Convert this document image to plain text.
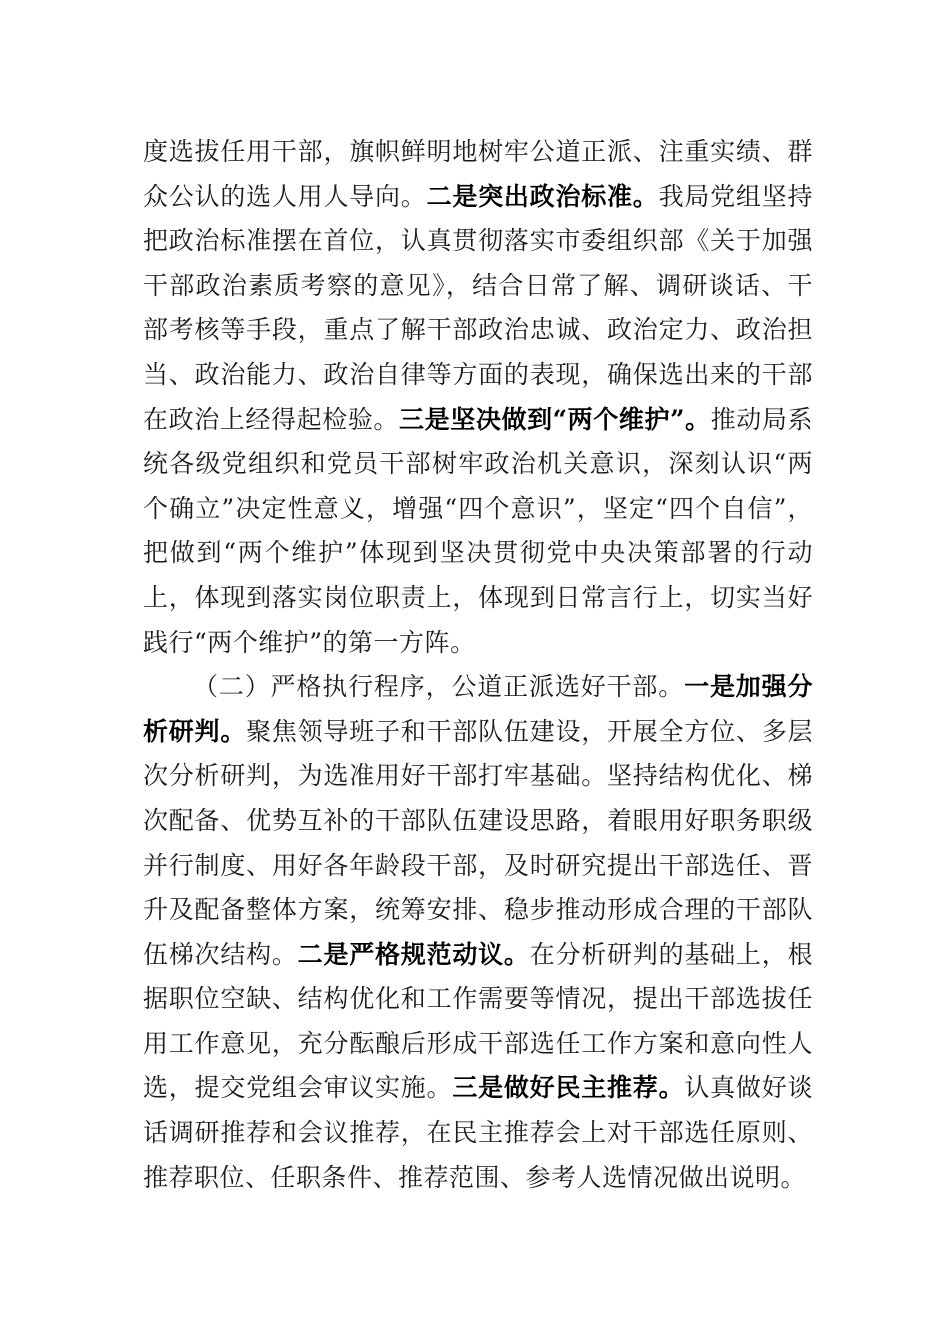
度选拔任用干部，旗帜鲜明地树牢公道正派、注重实绩、群众公认的选人用人导向。二是突出政治标准。我局党组坚持把政治标准摆在首位，认真贯彻落实市委组织部《关于加强干部政治素质考察的意见》，结合日常了解、调研谈话、干部考核等手段，重点了解干部政治忠诚、政治定力、政治担当、政治能力、政治自律等方面的表现，确保选出来的干部在政治上经得起检验。三是坚决做到“两个维护”。推动局系统各级党组织和党员干部树牢政治机关意识，深刻认识“两个确立”决定性意义，增强“四个意识”，坚定“四个自信”，把做到“两个维护”体现到坚决贯彻党中央决策部署的行动上，体现到落实岗位职责上，体现到日常言行上，切实当好践行“两个维护”的第一方阵。

（二）严格执行程序，公道正派选好干部。一是加强分析研判。聚焦领导班子和干部队伍建设，开展全方位、多层次分析研判，为选准用好干部打牢基础。坚持结构优化、梯次配备、优势互补的干部队伍建设思路，着眼用好职务职级并行制度、用好各年龄段干部，及时研究提出干部选任、晋升及配备整体方案，统筹安排、稳步推动形成合理的干部队伍梯次结构。二是严格规范动议。在分析研判的基础上，根据职位空缺、结构优化和工作需要等情况，提出干部选拔任用工作意见，充分酝酿后形成干部选任工作方案和意向性人选，提交党组会审议实施。三是做好民主推荐。认真做好谈话调研推荐和会议推荐，在民主推荐会上对干部选任原则、推荐职位、任职条件、推荐范围、参考人选情况做出说明。
